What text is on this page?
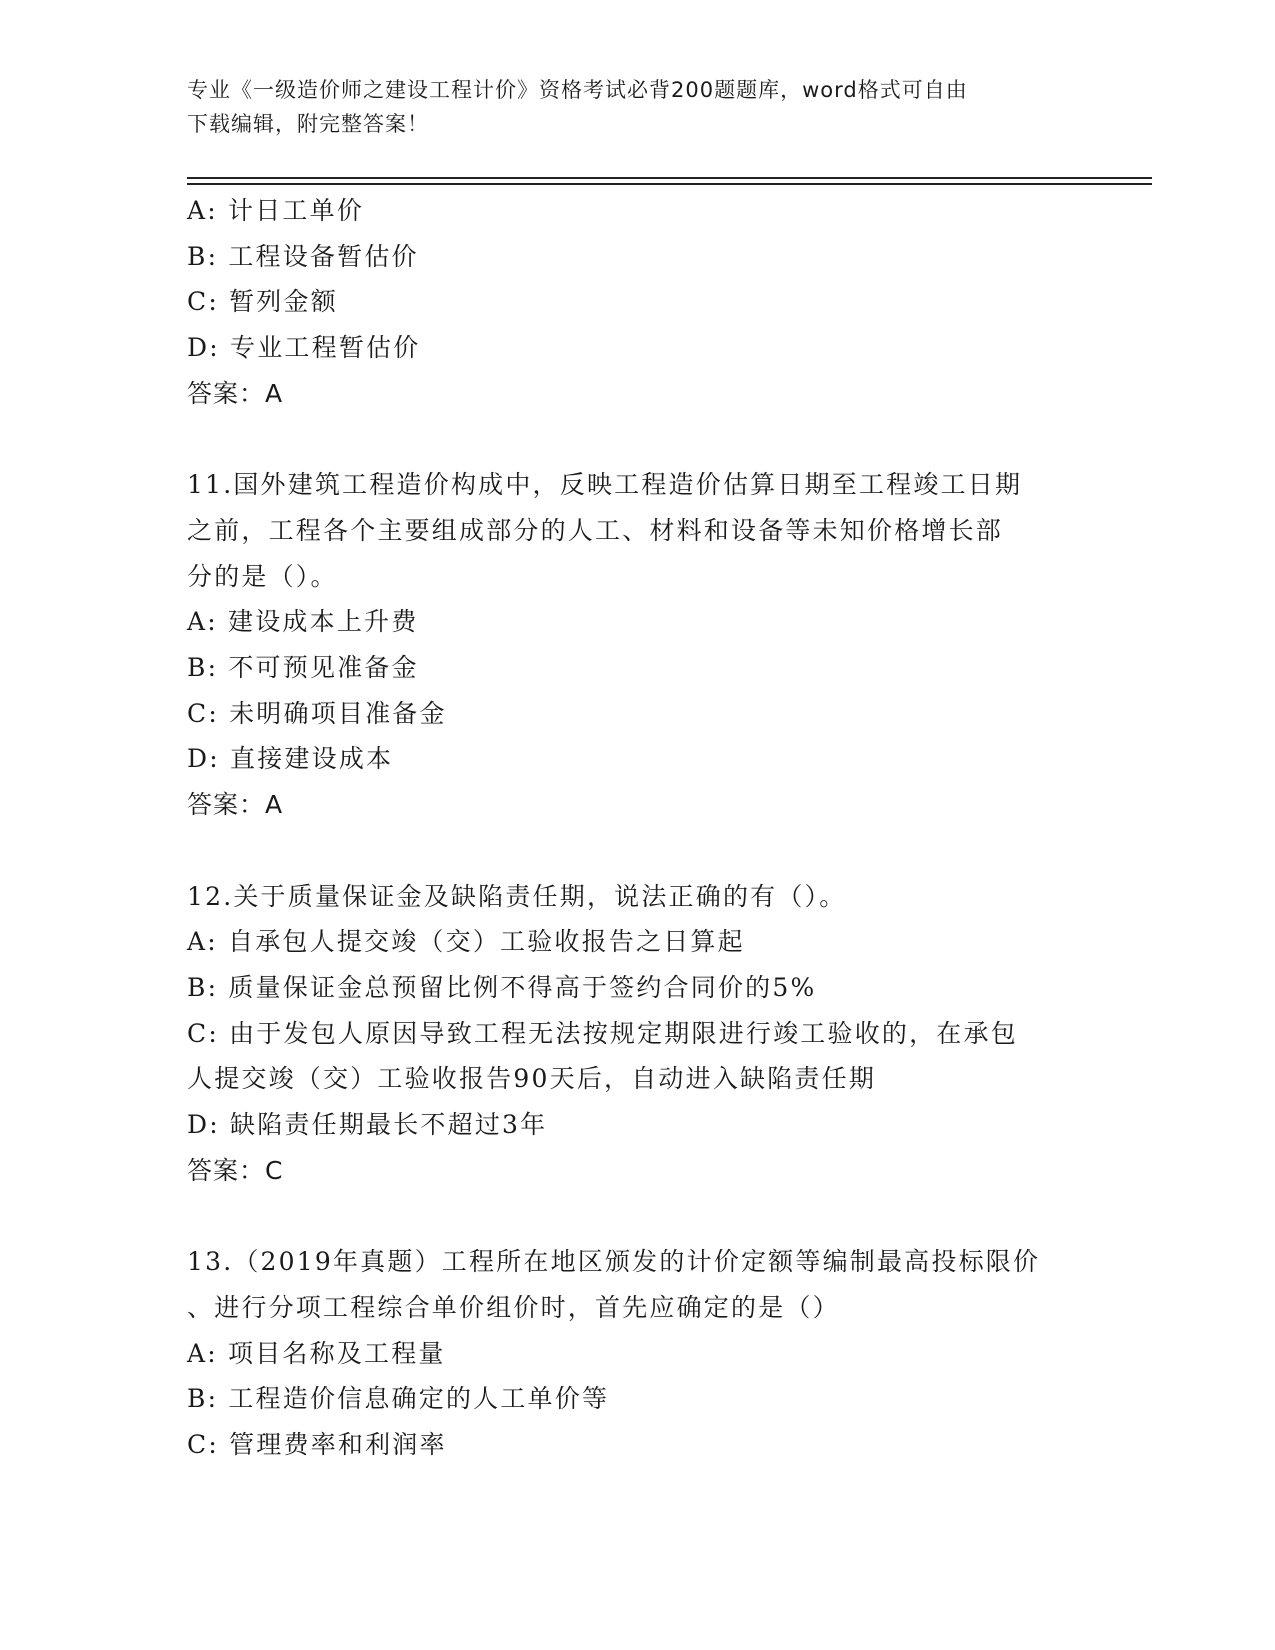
专业《一级造价师之建设工程计价》资格考试必背200题题库，word格式可自由
下载编辑，附完整答案！
A: 计日工单价
B: 工程设备暂估价
C: 暂列金额
D: 专业工程暂估价
答案：A
11.国外建筑工程造价构成中，反映工程造价估算日期至工程竣工日期
之前，工程各个主要组成部分的人工、材料和设备等未知价格增长部
分的是（）。
A: 建设成本上升费
B: 不可预见准备金
C: 未明确项目准备金
D: 直接建设成本
答案：A
12.关于质量保证金及缺陷责任期，说法正确的有（）。
A: 自承包人提交竣（交）工验收报告之日算起
B: 质量保证金总预留比例不得高于签约合同价的5%
C: 由于发包人原因导致工程无法按规定期限进行竣工验收的，在承包
人提交竣（交）工验收报告90天后，自动进入缺陷责任期
D: 缺陷责任期最长不超过3年
答案：C
13.（2019年真题）工程所在地区颁发的计价定额等编制最高投标限价
、进行分项工程综合单价组价时，首先应确定的是（）
A: 项目名称及工程量
B: 工程造价信息确定的人工单价等
C: 管理费率和利润率
